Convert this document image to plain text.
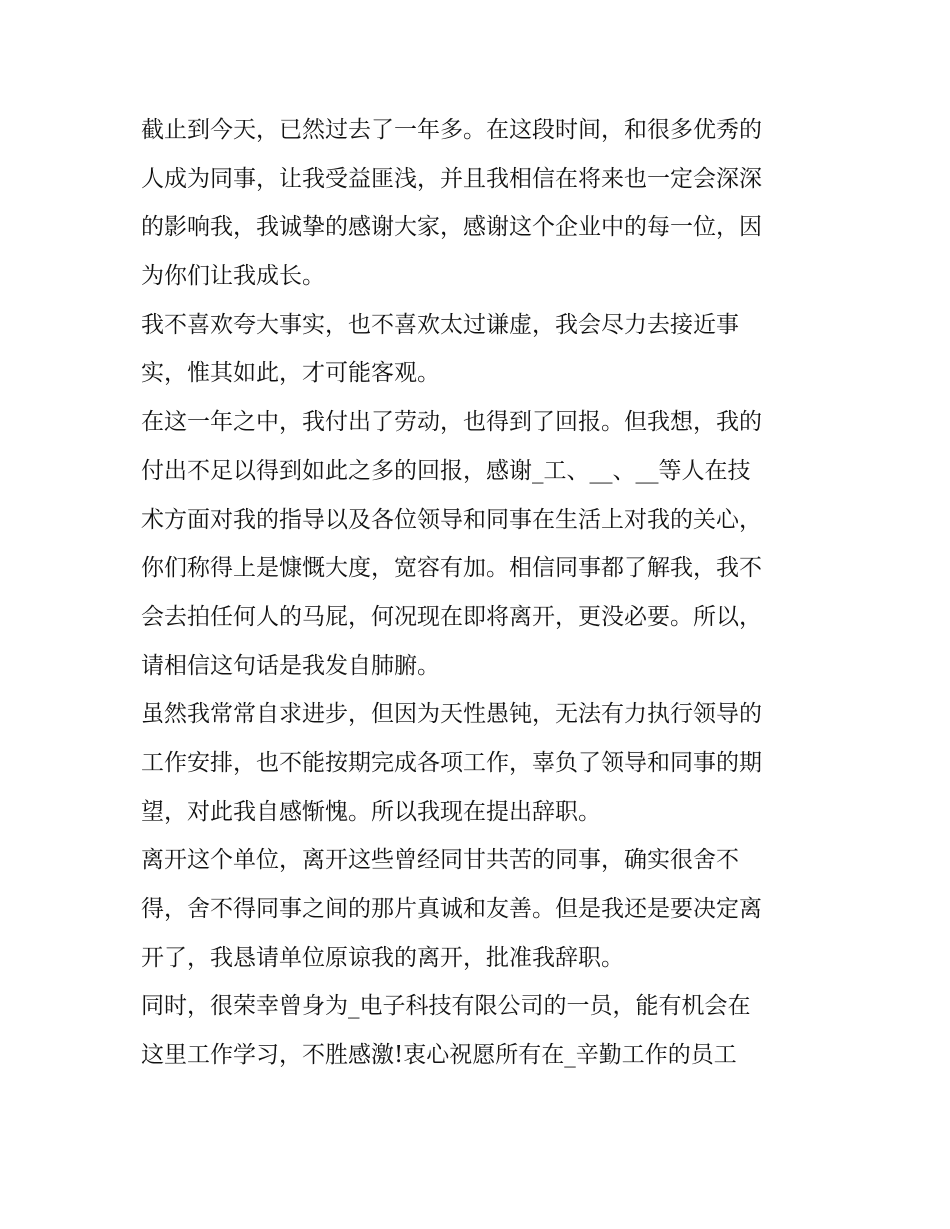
截止到今天，已然过去了一年多。在这段时间，和很多优秀的
人成为同事，让我受益匪浅，并且我相信在将来也一定会深深
的影响我，我诚挚的感谢大家，感谢这个企业中的每一位，因
为你们让我成长。
我不喜欢夸大事实，也不喜欢太过谦虚，我会尽力去接近事
实，惟其如此，才可能客观。
在这一年之中，我付出了劳动，也得到了回报。但我想，我的
付出不足以得到如此之多的回报，感谢_工、__、__等人在技
术方面对我的指导以及各位领导和同事在生活上对我的关心，
你们称得上是慷慨大度，宽容有加。相信同事都了解我，我不
会去拍任何人的马屁，何况现在即将离开，更没必要。所以，
请相信这句话是我发自肺腑。
虽然我常常自求进步，但因为天性愚钝，无法有力执行领导的
工作安排，也不能按期完成各项工作，辜负了领导和同事的期
望，对此我自感惭愧。所以我现在提出辞职。
离开这个单位，离开这些曾经同甘共苦的同事，确实很舍不
得，舍不得同事之间的那片真诚和友善。但是我还是要决定离
开了，我恳请单位原谅我的离开，批准我辞职。
同时，很荣幸曾身为_电子科技有限公司的一员，能有机会在
这里工作学习，不胜感激!衷心祝愿所有在_辛勤工作的员工
